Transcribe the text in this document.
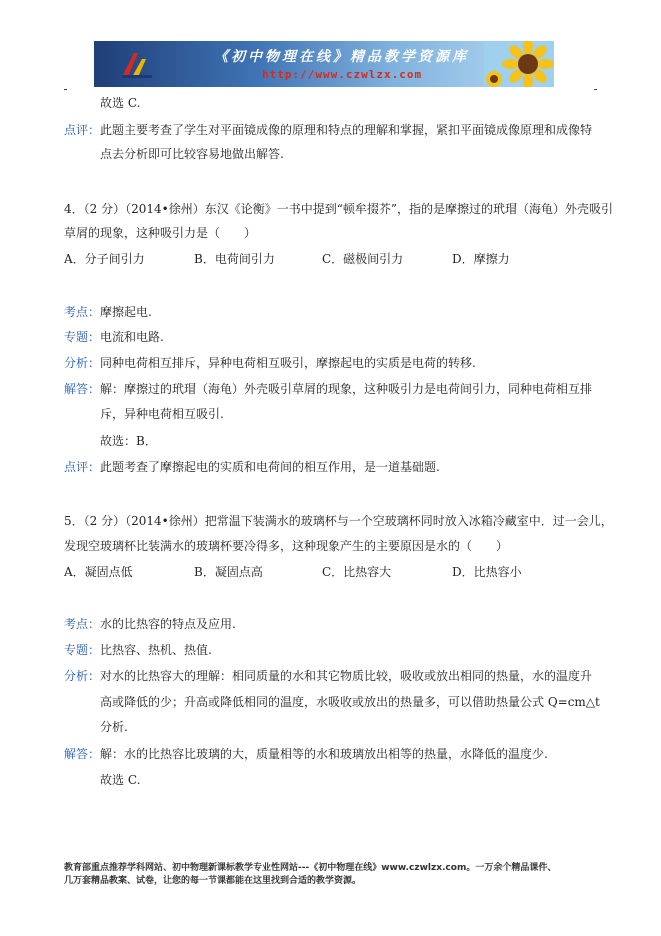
《初中物理在线》精品教学资源库
http://www.czwlzx.com
故选 C.
点评： 此题主要考查了学生对平面镜成像的原理和特点的理解和掌握，紧扣平面镜成像原理和成像特
点去分析即可比较容易地做出解答.
4．（2 分）（2014•徐州）东汉《论衡》一书中提到“顿牟掇芥”，指的是摩擦过的玳瑁（海龟）外壳吸引
草屑的现象，这种吸引力是（　　）
A．分子间引力	B．电荷间引力	C．磁极间引力	D．摩擦力
考点： 摩擦起电.
专题： 电流和电路.
分析： 同种电荷相互排斥，异种电荷相互吸引，摩擦起电的实质是电荷的转移.
解答： 解：摩擦过的玳瑁（海龟）外壳吸引草屑的现象，这种吸引力是电荷间引力，同种电荷相互排
斥，异种电荷相互吸引.
故选：B．
点评： 此题考查了摩擦起电的实质和电荷间的相互作用，是一道基础题.
5．（2 分）（2014•徐州）把常温下装满水的玻璃杯与一个空玻璃杯同时放入冰箱冷藏室中．过一会儿，
发现空玻璃杯比装满水的玻璃杯要冷得多，这种现象产生的主要原因是水的（　　）
A．凝固点低	B．凝固点高	C．比热容大	D．比热容小
考点： 水的比热容的特点及应用.
专题： 比热容、热机、热值.
分析： 对水的比热容大的理解：相同质量的水和其它物质比较，吸收或放出相同的热量，水的温度升
高或降低的少；升高或降低相同的温度，水吸收或放出的热量多，可以借助热量公式 Q=cm△t
分析.
解答： 解：水的比热容比玻璃的大，质量相等的水和玻璃放出相等的热量，水降低的温度少.
故选 C.
教育部重点推荐学科网站、初中物理新课标教学专业性网站---《初中物理在线》www.czwlzx.com。一万余个精品课件、
几万套精品教案、试卷，让您的每一节课都能在这里找到合适的教学资源。
